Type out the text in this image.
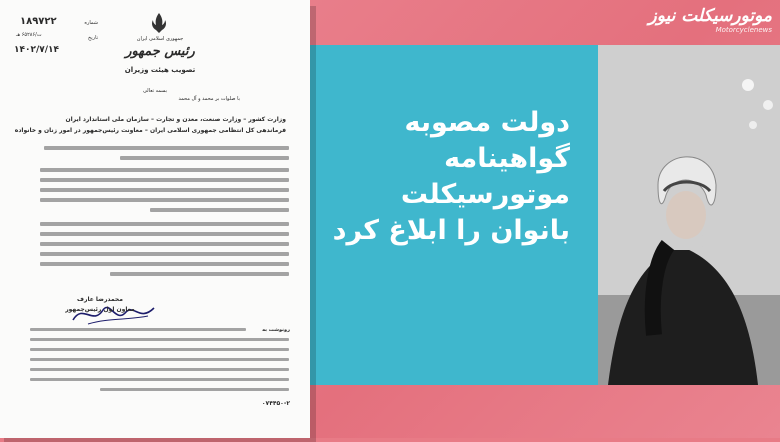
جمهوری اسلامی ایران
رئیس جمهور
تصویب هیئت وزیران
۱۸۹۷۲۲	شماره
ت/۶۵۲۸۶ هـ	تاریخ
۱۴۰۲/۷/۱۴
بسمه تعالی
با صلوات بر محمد و آل محمد
وزارت کشور – وزارت صنعت، معدن و تجارت – سازمان ملی استاندارد ایران
فرماندهی کل انتظامی جمهوری اسلامی ایران – معاونت رئیس‌جمهور در امور زنان و خانواده
محمدرضا عارف
معاون اول رئیس‌جمهور
رونوشت به
۰۷۴۴۵۰-۲
دولت مصوبه
گواهینامه
موتورسیکلت
بانوان را ابلاغ کرد
موتورسیکلت نیوز
Motorcyclenews
